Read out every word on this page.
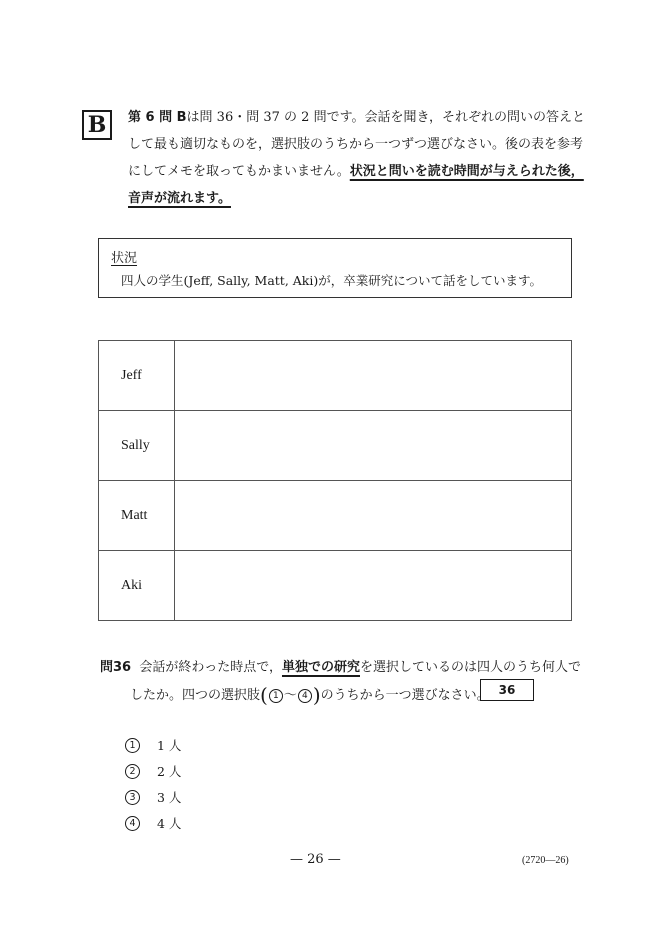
B	第 6 問 Bは問 36・問 37 の 2 問です。会話を聞き，それぞれの問いの答えと
して最も適切なものを，選択肢のうちから一つずつ選びなさい。後の表を参考
にしてメモを取ってもかまいません。状況と問いを読む時間が与えられた後，
音声が流れます。
状況
四人の学生(Jeff, Sally, Matt, Aki)が，卒業研究について話をしています。
Jeff	
Sally	
Matt	
Aki	
問36 会話が終わった時点で，単独での研究を選択しているのは四人のうち何人で
したか。四つの選択肢( 1 〜 4 )のうちから一つ選びなさい。 36
1	1 人
2	2 人
3	3 人
4	4 人
— 26 —	(2720—26)
